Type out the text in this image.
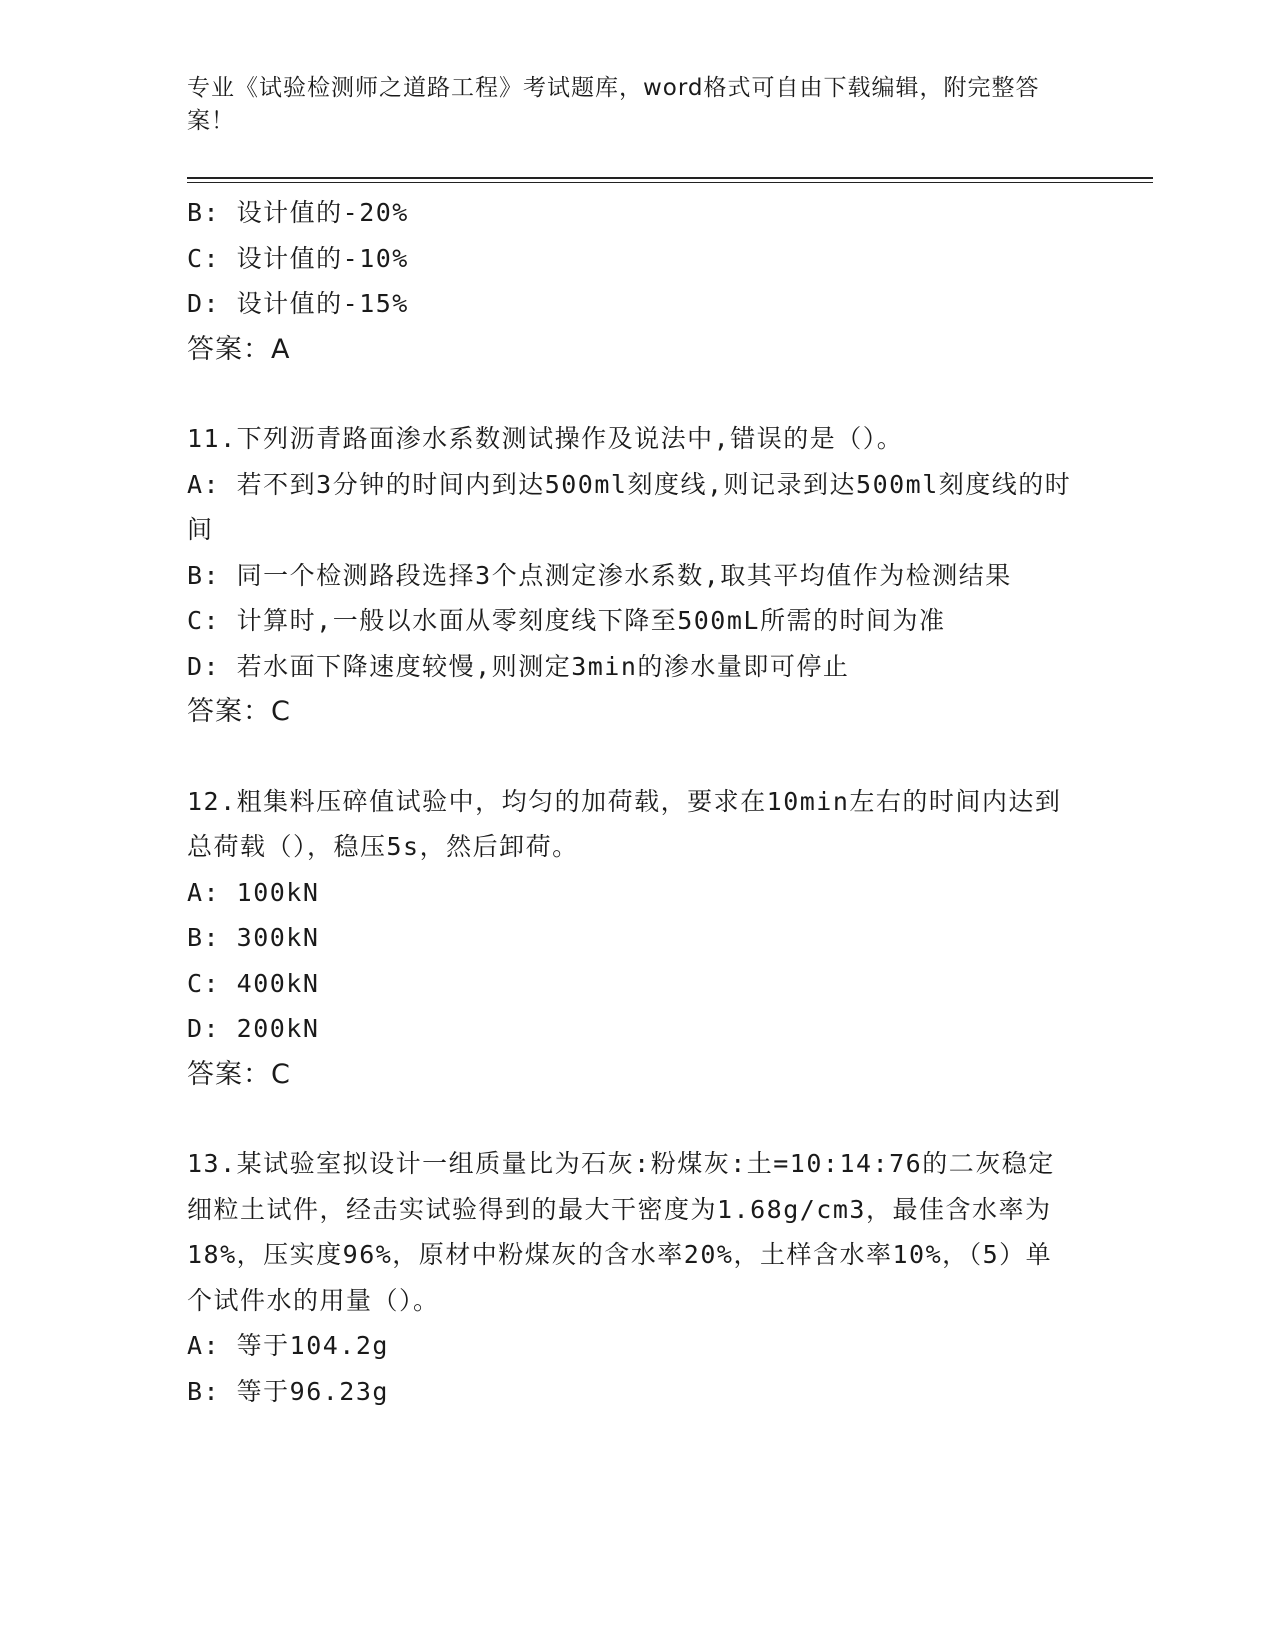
专业《试验检测师之道路工程》考试题库，word格式可自由下载编辑，附完整答案！

B: 设计值的-20%

C: 设计值的-10%

D: 设计值的-15%

答案：A

11.下列沥青路面渗水系数测试操作及说法中,错误的是（）。

A: 若不到3分钟的时间内到达500ml刻度线,则记录到达500ml刻度线的时间

B: 同一个检测路段选择3个点测定渗水系数,取其平均值作为检测结果

C: 计算时,一般以水面从零刻度线下降至500mL所需的时间为准

D: 若水面下降速度较慢,则测定3min的渗水量即可停止

答案：C

12.粗集料压碎值试验中，均匀的加荷载，要求在10min左右的时间内达到总荷载（），稳压5s，然后卸荷。

A: 100kN

B: 300kN

C: 400kN

D: 200kN

答案：C

13.某试验室拟设计一组质量比为石灰:粉煤灰:土=10:14:76的二灰稳定细粒土试件，经击实试验得到的最大干密度为1.68g/cm3，最佳含水率为18%，压实度96%，原材中粉煤灰的含水率20%，土样含水率10%，（5）单个试件水的用量（）。

A: 等于104.2g

B: 等于96.23g
